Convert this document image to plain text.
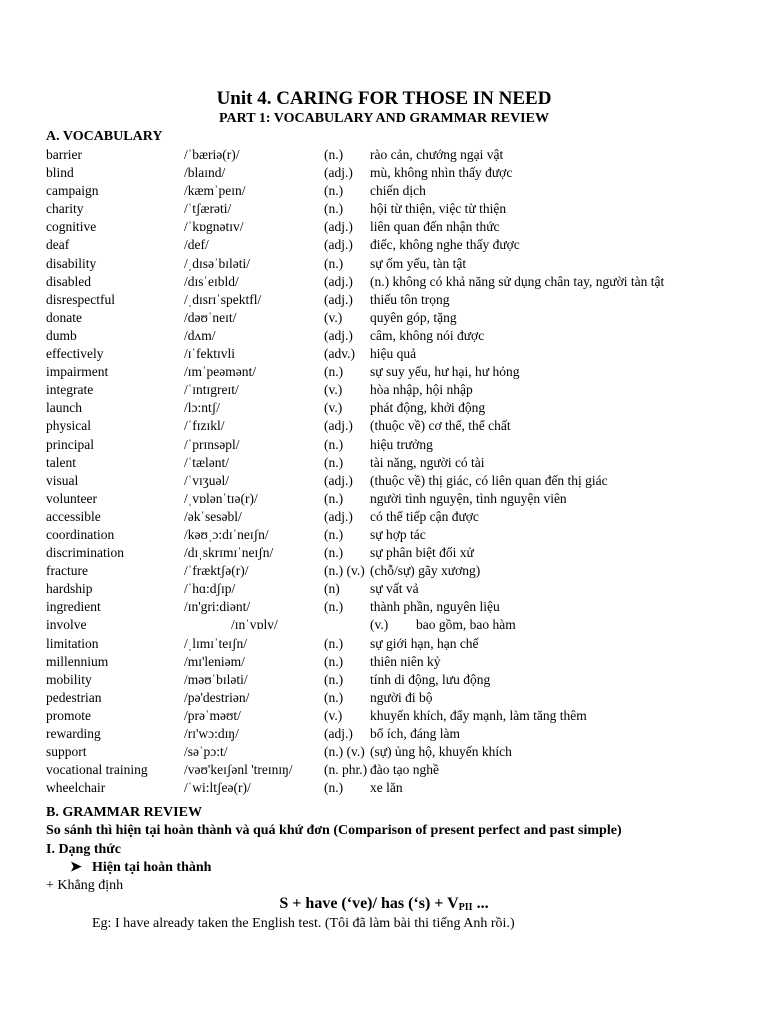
Unit 4. CARING FOR THOSE IN NEED
PART 1: VOCABULARY AND GRAMMAR REVIEW
A. VOCABULARY
barrier	/ˈbæriə(r)/	(n.) rào cản, chướng ngại vật
blind	/blaɪnd/	(adj.) mù, không nhìn thấy được
campaign	/kæmˈpeɪn/	(n.) chiến dịch
charity	/ˈtʃærəti/	(n.) hội từ thiện, việc từ thiện
cognitive	/ˈkɒgnətɪv/	(adj.) liên quan đến nhận thức
deaf	/def/	(adj.) điếc, không nghe thấy được
disability	/ˌdɪsəˈbɪləti/	(n.) sự ốm yếu, tàn tật
disabled	/dɪsˈeɪbld/	(adj.) (n.) không có khả năng sử dụng chân tay, người tàn tật
disrespectful	/ˌdɪsrɪˈspektfl/	(adj.) thiếu tôn trọng
donate	/dəʊˈneɪt/	(v.) quyên góp, tặng
dumb	/dʌm/	(adj.) câm, không nói được
effectively	/ɪˈfektɪvli	(adv.) hiệu quả
impairment	/ɪmˈpeəmənt/	(n.) sự suy yếu, hư hại, hư hỏng
integrate	/ˈɪntɪgreɪt/	(v.) hòa nhập, hội nhập
launch	/lɔ:ntʃ/	(v.) phát động, khởi động
physical	/ˈfɪzɪkl/	(adj.) (thuộc về) cơ thể, thể chất
principal	/ˈprɪnsəpl/	(n.) hiệu trưởng
talent	/ˈtælənt/	(n.) tài năng, người có tài
visual	/ˈvɪʒuəl/	(adj.) (thuộc về) thị giác, có liên quan đến thị giác
volunteer	/ˌvɒlənˈtɪə(r)/	(n.) người tình nguyện, tình nguyện viên
accessible	/əkˈsesəbl/	(adj.) có thể tiếp cận được
coordination	/kəʊˌɔ:dɪˈneɪʃn/	(n.) sự hợp tác
discrimination	/dɪˌskrɪmɪˈneɪʃn/	(n.) sự phân biệt đối xử
fracture	/ˈfræktʃə(r)/	(n.) (v.) (chỗ/sự) gãy xương)
hardship	/ˈhɑ:dʃɪp/	(n) sự vất vả
ingredient	/ɪn'gri:diənt/	(n.) thành phần, nguyên liệu
involve	/ɪnˈvɒlv/	(v.) bao gồm, bao hàm
limitation	/ˌlɪmɪˈteɪʃn/	(n.) sự giới hạn, hạn chế
millennium	/mɪ'leniəm/	(n.) thiên niên kỷ
mobility	/məʊˈbɪləti/	(n.) tính di động, lưu động
pedestrian	/pə'destriən/	(n.) người đi bộ
promote	/prəˈməʊt/	(v.) khuyến khích, đẩy mạnh, làm tăng thêm
rewarding	/rɪ'wɔ:dɪŋ/	(adj.) bổ ích, đáng làm
support	/səˈpɔ:t/	(n.) (v.) (sự) ủng hộ, khuyến khích
vocational training	/vəʊ'keɪʃənl 'treɪnɪŋ/ (n. phr.) đào tạo nghề
wheelchair	/ˈwi:ltʃeə(r)/	(n.) xe lăn
B. GRAMMAR REVIEW
So sánh thì hiện tại hoàn thành và quá khứ đơn (Comparison of present perfect and past simple)
I. Dạng thức
➤ Hiện tại hoàn thành
+ Khẳng định
S + have (‘ve)/ has (‘s) + $V_{PII}$ ...
Eg: I have already taken the English test. (Tôi đã làm bài thi tiếng Anh rồi.)
